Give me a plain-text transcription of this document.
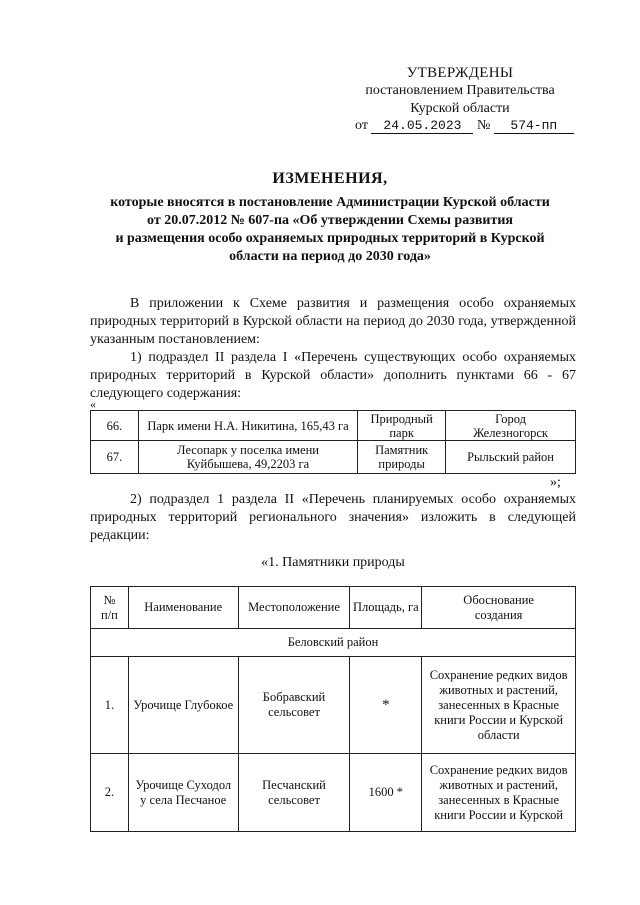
УТВЕРЖДЕНЫ
постановлением Правительства
Курской области
от 24.05.2023 № 574-пп
ИЗМЕНЕНИЯ,
которые вносятся в постановление Администрации Курской области
от 20.07.2012 № 607-па «Об утверждении Схемы развития
и размещения особо охраняемых природных территорий в Курской
области на период до 2030 года»
В приложении к Схеме развития и размещения особо охраняемых природных территорий в Курской области на период до 2030 года, утвержденной указанным постановлением:
1) подраздел II раздела I «Перечень существующих особо охраняемых природных территорий в Курской области» дополнить пунктами 66 - 67 следующего содержания:
«
66.	Парк имени Н.А. Никитина, 165,43 га	Природный парк	Город Железногорск
67.	Лесопарк у поселка имени Куйбышева, 49,2203 га	Памятник природы	Рыльский район
»;
2) подраздел 1 раздела II «Перечень планируемых особо охраняемых природных территорий регионального значения» изложить в следующей редакции:
«1. Памятники природы
№ п/п	Наименование	Местоположение	Площадь, га	Обоснование создания
Беловский район				
1.	Урочище Глубокое	Бобравский сельсовет	*	Сохранение редких видов животных и растений, занесенных в Красные книги России и Курской области
2.	Урочище Суходол у села Песчаное	Песчанский сельсовет	1600 *	Сохранение редких видов животных и растений, занесенных в Красные книги России и Курской
